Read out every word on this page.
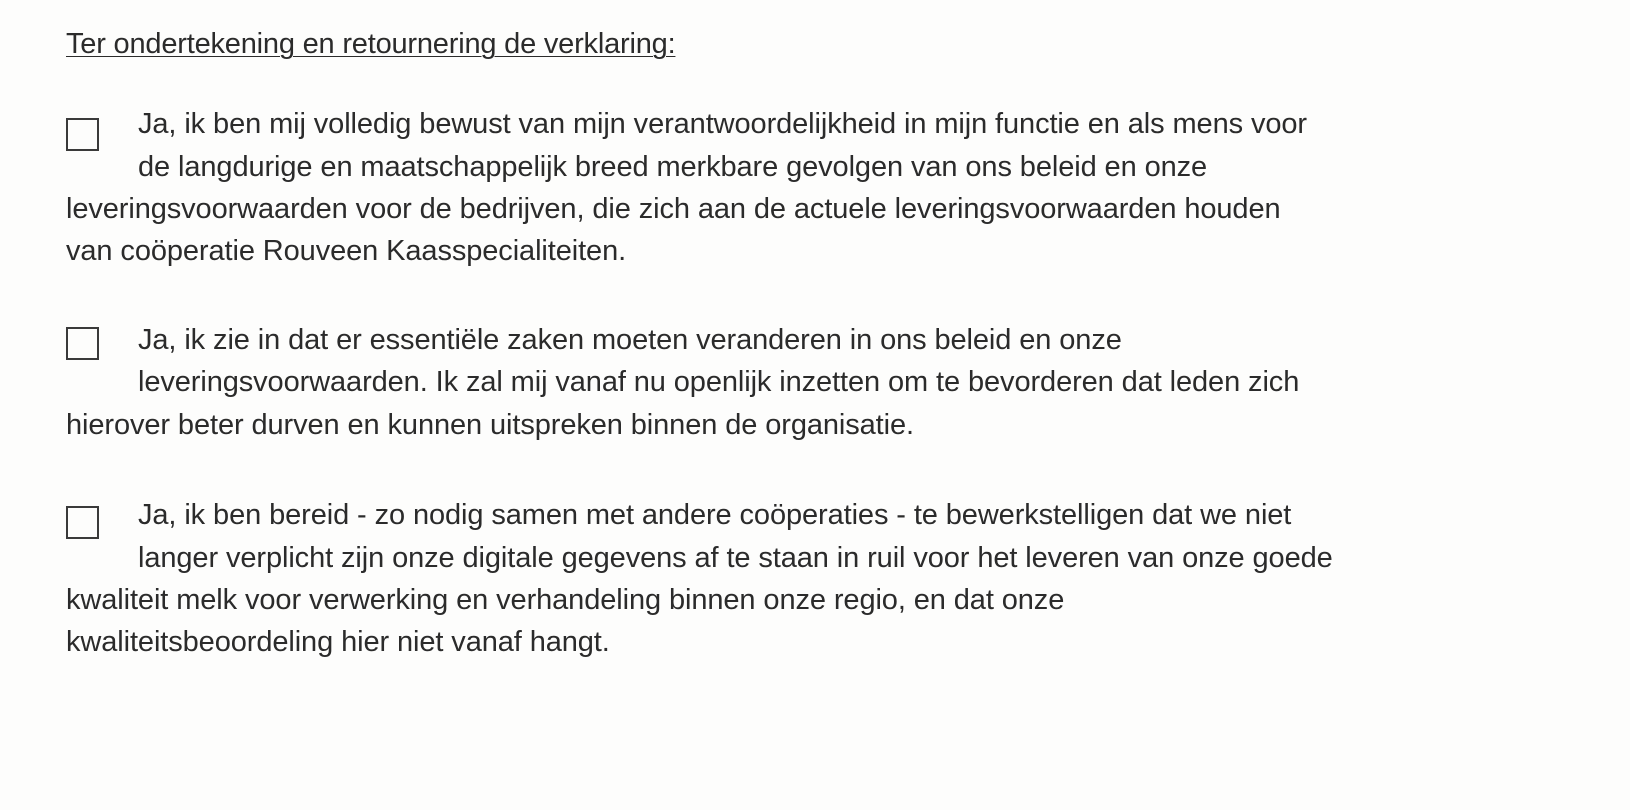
Ter ondertekening en retournering de verklaring:
Ja, ik ben mij volledig bewust van mijn verantwoordelijkheid in mijn functie en als mens voor
de langdurige en maatschappelijk breed merkbare gevolgen van ons beleid en onze
leveringsvoorwaarden voor de bedrijven, die zich aan de actuele leveringsvoorwaarden houden
van coöperatie Rouveen Kaasspecialiteiten.
Ja, ik zie in dat er essentiële zaken moeten veranderen in ons beleid en onze
leveringsvoorwaarden. Ik zal mij vanaf nu openlijk inzetten om te bevorderen dat leden zich
hierover beter durven en kunnen uitspreken binnen de organisatie.
Ja, ik ben bereid - zo nodig samen met andere coöperaties - te bewerkstelligen dat we niet
langer verplicht zijn onze digitale gegevens af te staan in ruil voor het leveren van onze goede
kwaliteit melk voor verwerking en verhandeling binnen onze regio, en dat onze
kwaliteitsbeoordeling hier niet vanaf hangt.
